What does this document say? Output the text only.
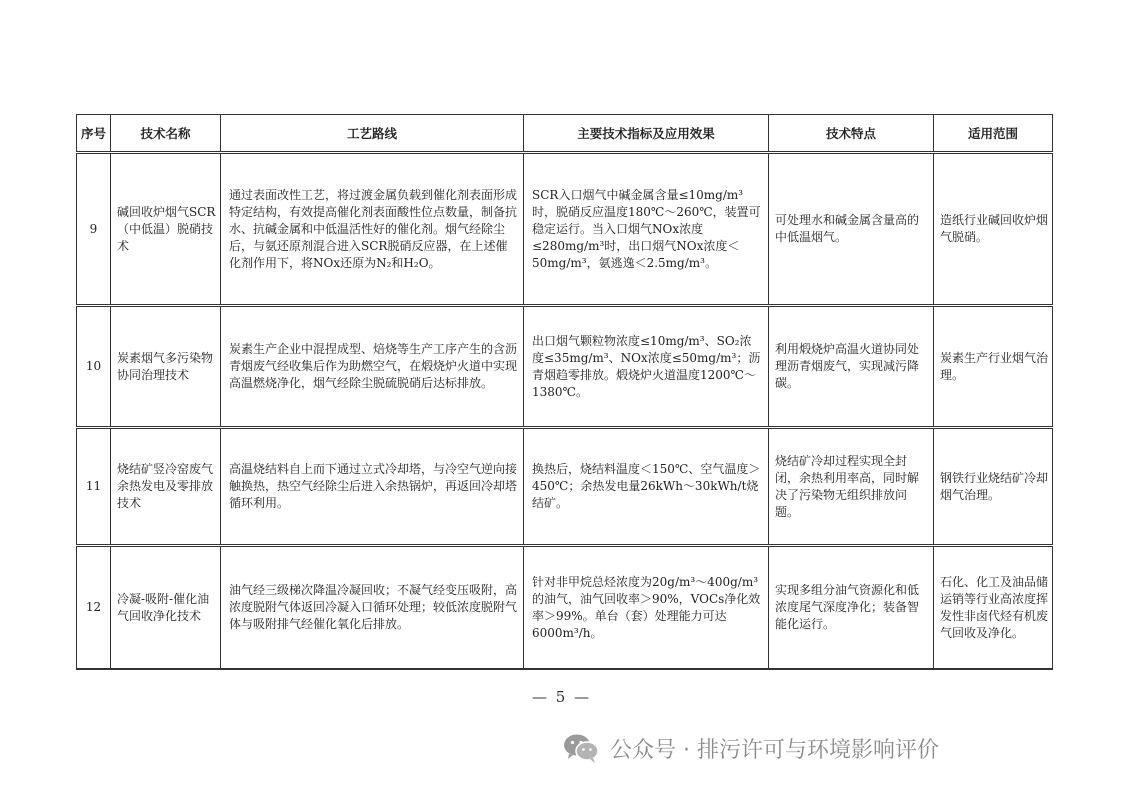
序号	技术名称	工艺路线	主要技术指标及应用效果	技术特点	适用范围

9	碱回收炉烟气SCR（中低温）脱硝技术	通过表面改性工艺，将过渡金属负载到催化剂表面形成特定结构，有效提高催化剂表面酸性位点数量，制备抗水、抗碱金属和中低温活性好的催化剂。烟气经除尘后，与氨还原剂混合进入SCR脱硝反应器，在上述催化剂作用下，将NOx还原为N₂和H₂O。	SCR入口烟气中碱金属含量≤10mg/m³时，脱硝反应温度180℃～260℃，装置可稳定运行。当入口烟气NOx浓度≤280mg/m³时，出口烟气NOx浓度＜50mg/m³，氨逃逸＜2.5mg/m³。	可处理水和碱金属含量高的中低温烟气。	造纸行业碱回收炉烟气脱硝。

10	炭素烟气多污染物协同治理技术	炭素生产企业中混捏成型、焙烧等生产工序产生的含沥青烟废气经收集后作为助燃空气，在煅烧炉火道中实现高温燃烧净化，烟气经除尘脱硫脱硝后达标排放。	出口烟气颗粒物浓度≤10mg/m³、SO₂浓度≤35mg/m³、NOx浓度≤50mg/m³；沥青烟趋零排放。煅烧炉火道温度1200℃～1380℃。	利用煅烧炉高温火道协同处理沥青烟废气，实现减污降碳。	炭素生产行业烟气治理。

11	烧结矿竖冷窑废气余热发电及零排放技术	高温烧结料自上而下通过立式冷却塔，与冷空气逆向接触换热，热空气经除尘后进入余热锅炉，再返回冷却塔循环利用。	换热后，烧结料温度＜150℃、空气温度＞450℃；余热发电量26kWh～30kWh/t烧结矿。	烧结矿冷却过程实现全封闭，余热利用率高，同时解决了污染物无组织排放问题。	钢铁行业烧结矿冷却烟气治理。

12	冷凝-吸附-催化油气回收净化技术	油气经三级梯次降温冷凝回收；不凝气经变压吸附，高浓度脱附气体返回冷凝入口循环处理；较低浓度脱附气体与吸附排气经催化氧化后排放。	针对非甲烷总烃浓度为20g/m³～400g/m³的油气，油气回收率＞90%，VOCs净化效率＞99%。单台（套）处理能力可达6000m³/h。	实现多组分油气资源化和低浓度尾气深度净化；装备智能化运行。	石化、化工及油品储运销等行业高浓度挥发性非卤代烃有机废气回收及净化。
— 5 —
公众号 · 排污许可与环境影响评价
